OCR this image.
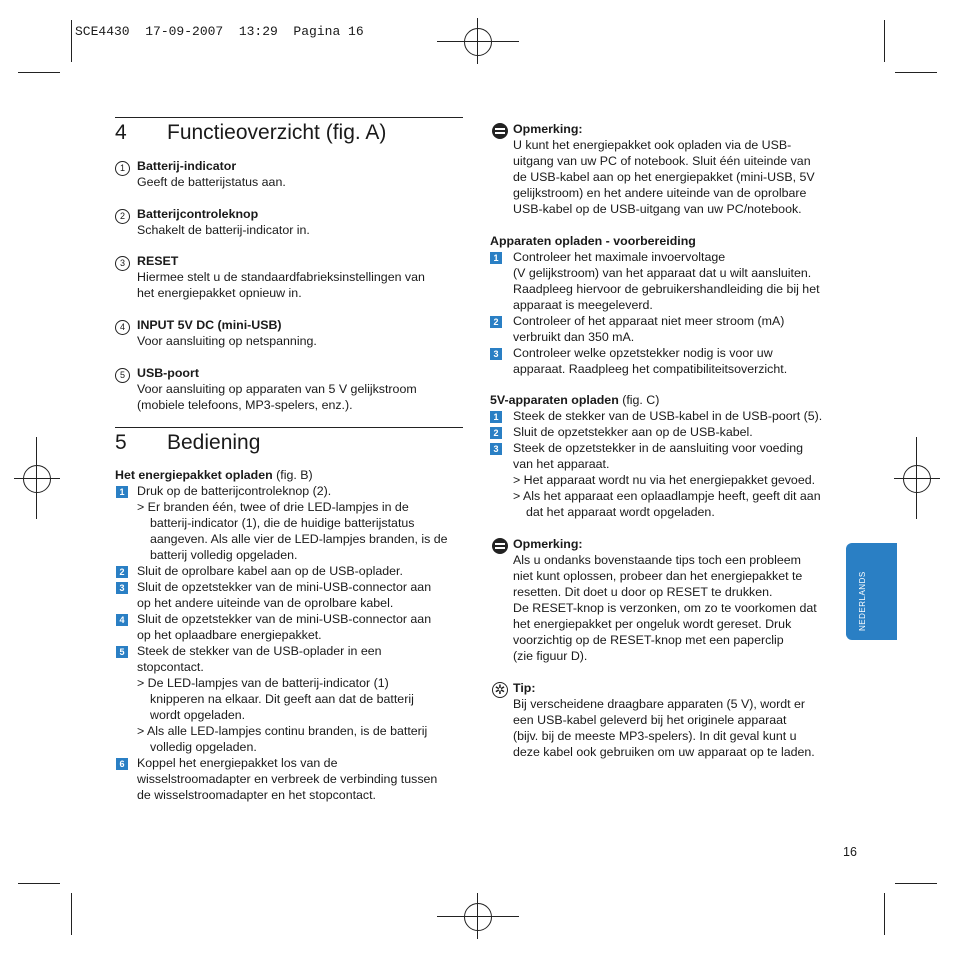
SCE4430  17-09-2007  13:29  Pagina 16
4 Functieoverzicht (fig. A)
1 Batterij-indicator
Geeft de batterijstatus aan.
2 Batterijcontroleknop
Schakelt de batterij-indicator in.
3 RESET
Hiermee stelt u de standaardfabrieksinstellingen van
het energiepakket opnieuw in.
4 INPUT 5V DC (mini-USB)
Voor aansluiting op netspanning.
5 USB-poort
Voor aansluiting op apparaten van 5 V gelijkstroom
(mobiele telefoons, MP3-spelers, enz.).
5 Bediening
Het energiepakket opladen (fig. B)
1 Druk op de batterijcontroleknop (2).
> Er branden één, twee of drie LED-lampjes in de
batterij-indicator (1), die de huidige batterijstatus
aangeven. Als alle vier de LED-lampjes branden, is de
batterij volledig opgeladen.
2 Sluit de oprolbare kabel aan op de USB-oplader.
3 Sluit de opzetstekker van de mini-USB-connector aan
op het andere uiteinde van de oprolbare kabel.
4 Sluit de opzetstekker van de mini-USB-connector aan
op het oplaadbare energiepakket.
5 Steek de stekker van de USB-oplader in een
stopcontact.
> De LED-lampjes van de batterij-indicator (1)
knipperen na elkaar. Dit geeft aan dat de batterij
wordt opgeladen.
> Als alle LED-lampjes continu branden, is de batterij
volledig opgeladen.
6 Koppel het energiepakket los van de
wisselstroomadapter en verbreek de verbinding tussen
de wisselstroomadapter en het stopcontact.
Opmerking:
U kunt het energiepakket ook opladen via de USB-
uitgang van uw PC of notebook. Sluit één uiteinde van
de USB-kabel aan op het energiepakket (mini-USB, 5V
gelijkstroom) en het andere uiteinde van de oprolbare
USB-kabel op de USB-uitgang van uw PC/notebook.
Apparaten opladen - voorbereiding
1 Controleer het maximale invoervoltage
(V gelijkstroom) van het apparaat dat u wilt aansluiten.
Raadpleeg hiervoor de gebruikershandleiding die bij het
apparaat is meegeleverd.
2 Controleer of het apparaat niet meer stroom (mA)
verbruikt dan 350 mA.
3 Controleer welke opzetstekker nodig is voor uw
apparaat. Raadpleeg het compatibiliteitsoverzicht.
5V-apparaten opladen (fig. C)
1 Steek de stekker van de USB-kabel in de USB-poort (5).
2 Sluit de opzetstekker aan op de USB-kabel.
3 Steek de opzetstekker in de aansluiting voor voeding
van het apparaat.
> Het apparaat wordt nu via het energiepakket gevoed.
> Als het apparaat een oplaadlampje heeft, geeft dit aan
dat het apparaat wordt opgeladen.
Opmerking:
Als u ondanks bovenstaande tips toch een probleem
niet kunt oplossen, probeer dan het energiepakket te
resetten. Dit doet u door op RESET te drukken.
De RESET-knop is verzonken, om zo te voorkomen dat
het energiepakket per ongeluk wordt gereset. Druk
voorzichtig op de RESET-knop met een paperclip
(zie figuur D).
✲ Tip:
Bij verscheidene draagbare apparaten (5 V), wordt er
een USB-kabel geleverd bij het originele apparaat
(bijv. bij de meeste MP3-spelers). In dit geval kunt u
deze kabel ook gebruiken om uw apparaat op te laden.
NEDERLANDS
16
